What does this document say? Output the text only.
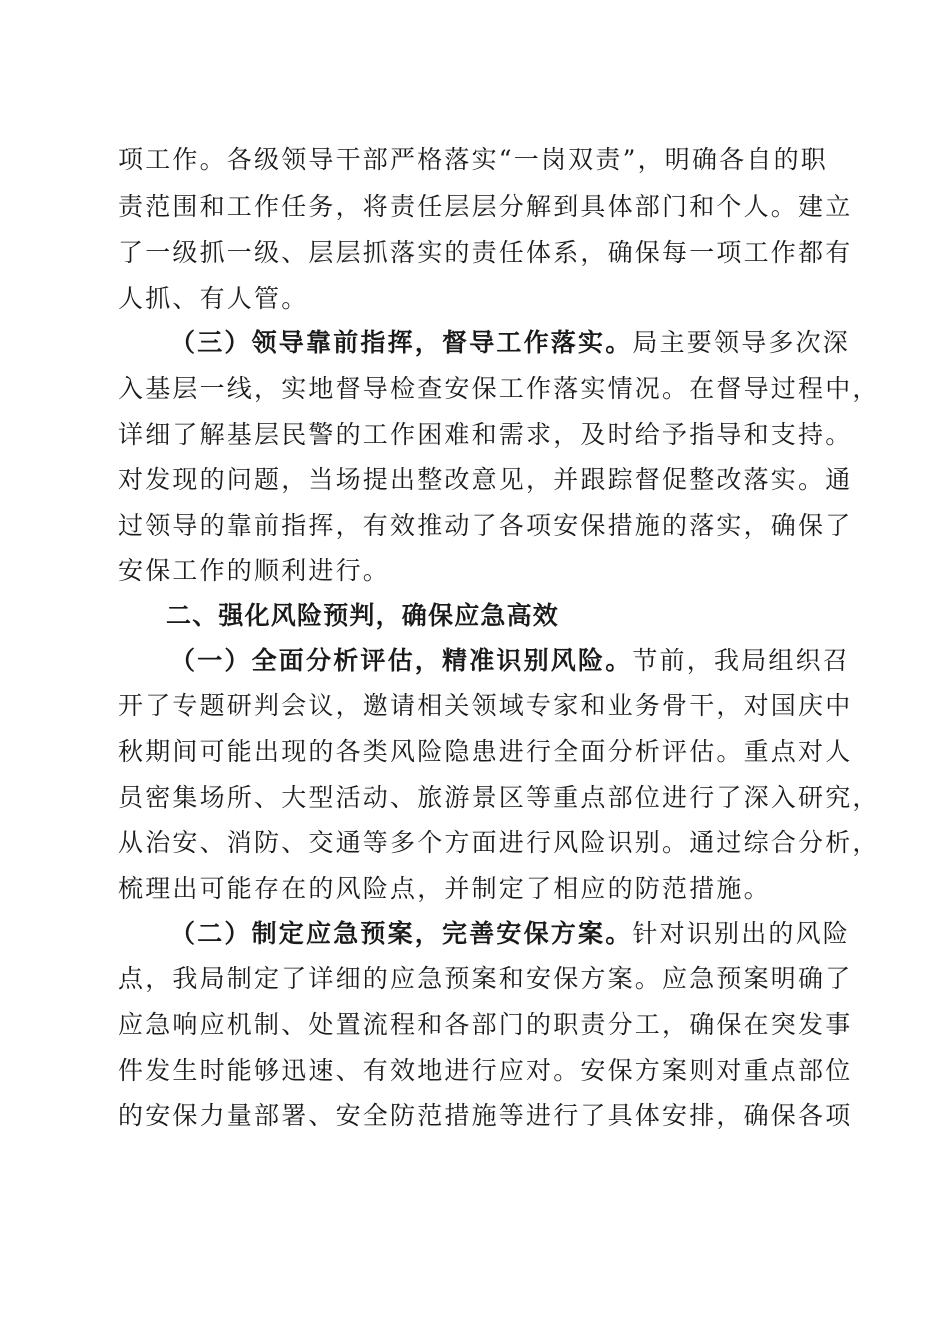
项工作。各级领导干部严格落实“一岗双责”，明确各自的职
责范围和工作任务，将责任层层分解到具体部门和个人。建立
了一级抓一级、层层抓落实的责任体系，确保每一项工作都有
人抓、有人管。
（三）领导靠前指挥，督导工作落实。局主要领导多次深
入基层一线，实地督导检查安保工作落实情况。在督导过程中，
详细了解基层民警的工作困难和需求，及时给予指导和支持。
对发现的问题，当场提出整改意见，并跟踪督促整改落实。通
过领导的靠前指挥，有效推动了各项安保措施的落实，确保了
安保工作的顺利进行。
二、强化风险预判，确保应急高效
（一）全面分析评估，精准识别风险。节前，我局组织召
开了专题研判会议，邀请相关领域专家和业务骨干，对国庆中
秋期间可能出现的各类风险隐患进行全面分析评估。重点对人
员密集场所、大型活动、旅游景区等重点部位进行了深入研究，
从治安、消防、交通等多个方面进行风险识别。通过综合分析，
梳理出可能存在的风险点，并制定了相应的防范措施。
（二）制定应急预案，完善安保方案。针对识别出的风险
点，我局制定了详细的应急预案和安保方案。应急预案明确了
应急响应机制、处置流程和各部门的职责分工，确保在突发事
件发生时能够迅速、有效地进行应对。安保方案则对重点部位
的安保力量部署、安全防范措施等进行了具体安排，确保各项
